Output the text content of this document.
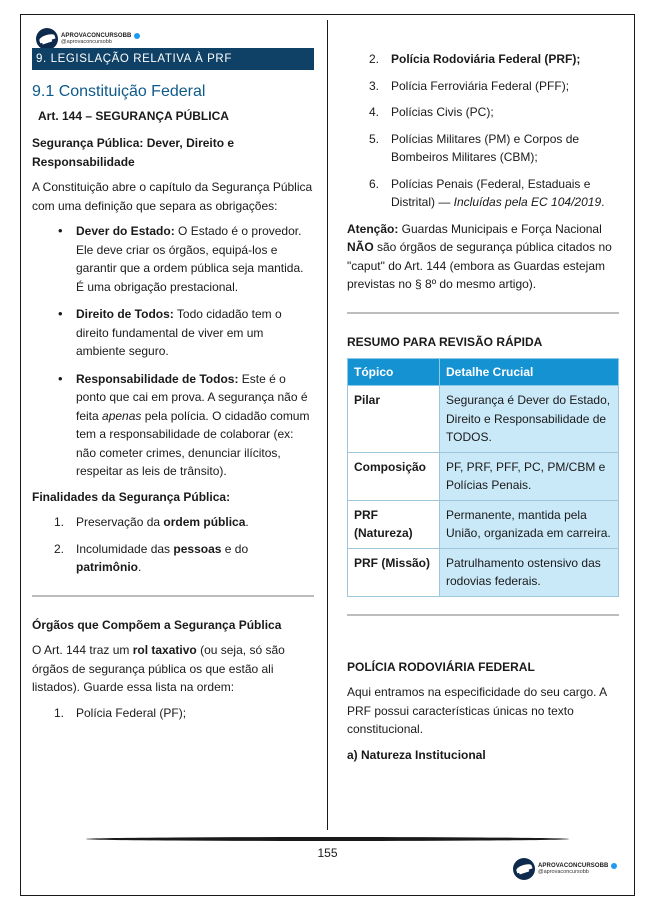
APROVACONCURSOBB
@aprovaconcursobb
9. LEGISLAÇÃO RELATIVA À PRF
9.1 Constituição Federal
Art. 144 – SEGURANÇA PÚBLICA
Segurança Pública: Dever, Direito e Responsabilidade
A Constituição abre o capítulo da Segurança Pública com uma definição que separa as obrigações:
• Dever do Estado: O Estado é o provedor. Ele deve criar os órgãos, equipá-los e garantir que a ordem pública seja mantida. É uma obrigação prestacional.
• Direito de Todos: Todo cidadão tem o direito fundamental de viver em um ambiente seguro.
• Responsabilidade de Todos: Este é o ponto que cai em prova. A segurança não é feita apenas pela polícia. O cidadão comum tem a responsabilidade de colaborar (ex: não cometer crimes, denunciar ilícitos, respeitar as leis de trânsito).
Finalidades da Segurança Pública:
1. Preservação da ordem pública.
2. Incolumidade das pessoas e do patrimônio.
Órgãos que Compõem a Segurança Pública
O Art. 144 traz um rol taxativo (ou seja, só são órgãos de segurança pública os que estão ali listados). Guarde essa lista na ordem:
1. Polícia Federal (PF);
2. Polícia Rodoviária Federal (PRF);
3. Polícia Ferroviária Federal (PFF);
4. Polícias Civis (PC);
5. Polícias Militares (PM) e Corpos de Bombeiros Militares (CBM);
6. Polícias Penais (Federal, Estaduais e Distrital) — Incluídas pela EC 104/2019.
Atenção: Guardas Municipais e Força Nacional NÃO são órgãos de segurança pública citados no "caput" do Art. 144 (embora as Guardas estejam previstas no § 8º do mesmo artigo).
RESUMO PARA REVISÃO RÁPIDA
Tópico	Detalhe Crucial
Pilar	Segurança é Dever do Estado, Direito e Responsabilidade de TODOS.
Composição	PF, PRF, PFF, PC, PM/CBM e Polícias Penais.
PRF (Natureza)	Permanente, mantida pela União, organizada em carreira.
PRF (Missão)	Patrulhamento ostensivo das rodovias federais.
POLÍCIA RODOVIÁRIA FEDERAL
Aqui entramos na especificidade do seu cargo. A PRF possui características únicas no texto constitucional.
a) Natureza Institucional
155
APROVACONCURSOBB
@aprovaconcursobb
